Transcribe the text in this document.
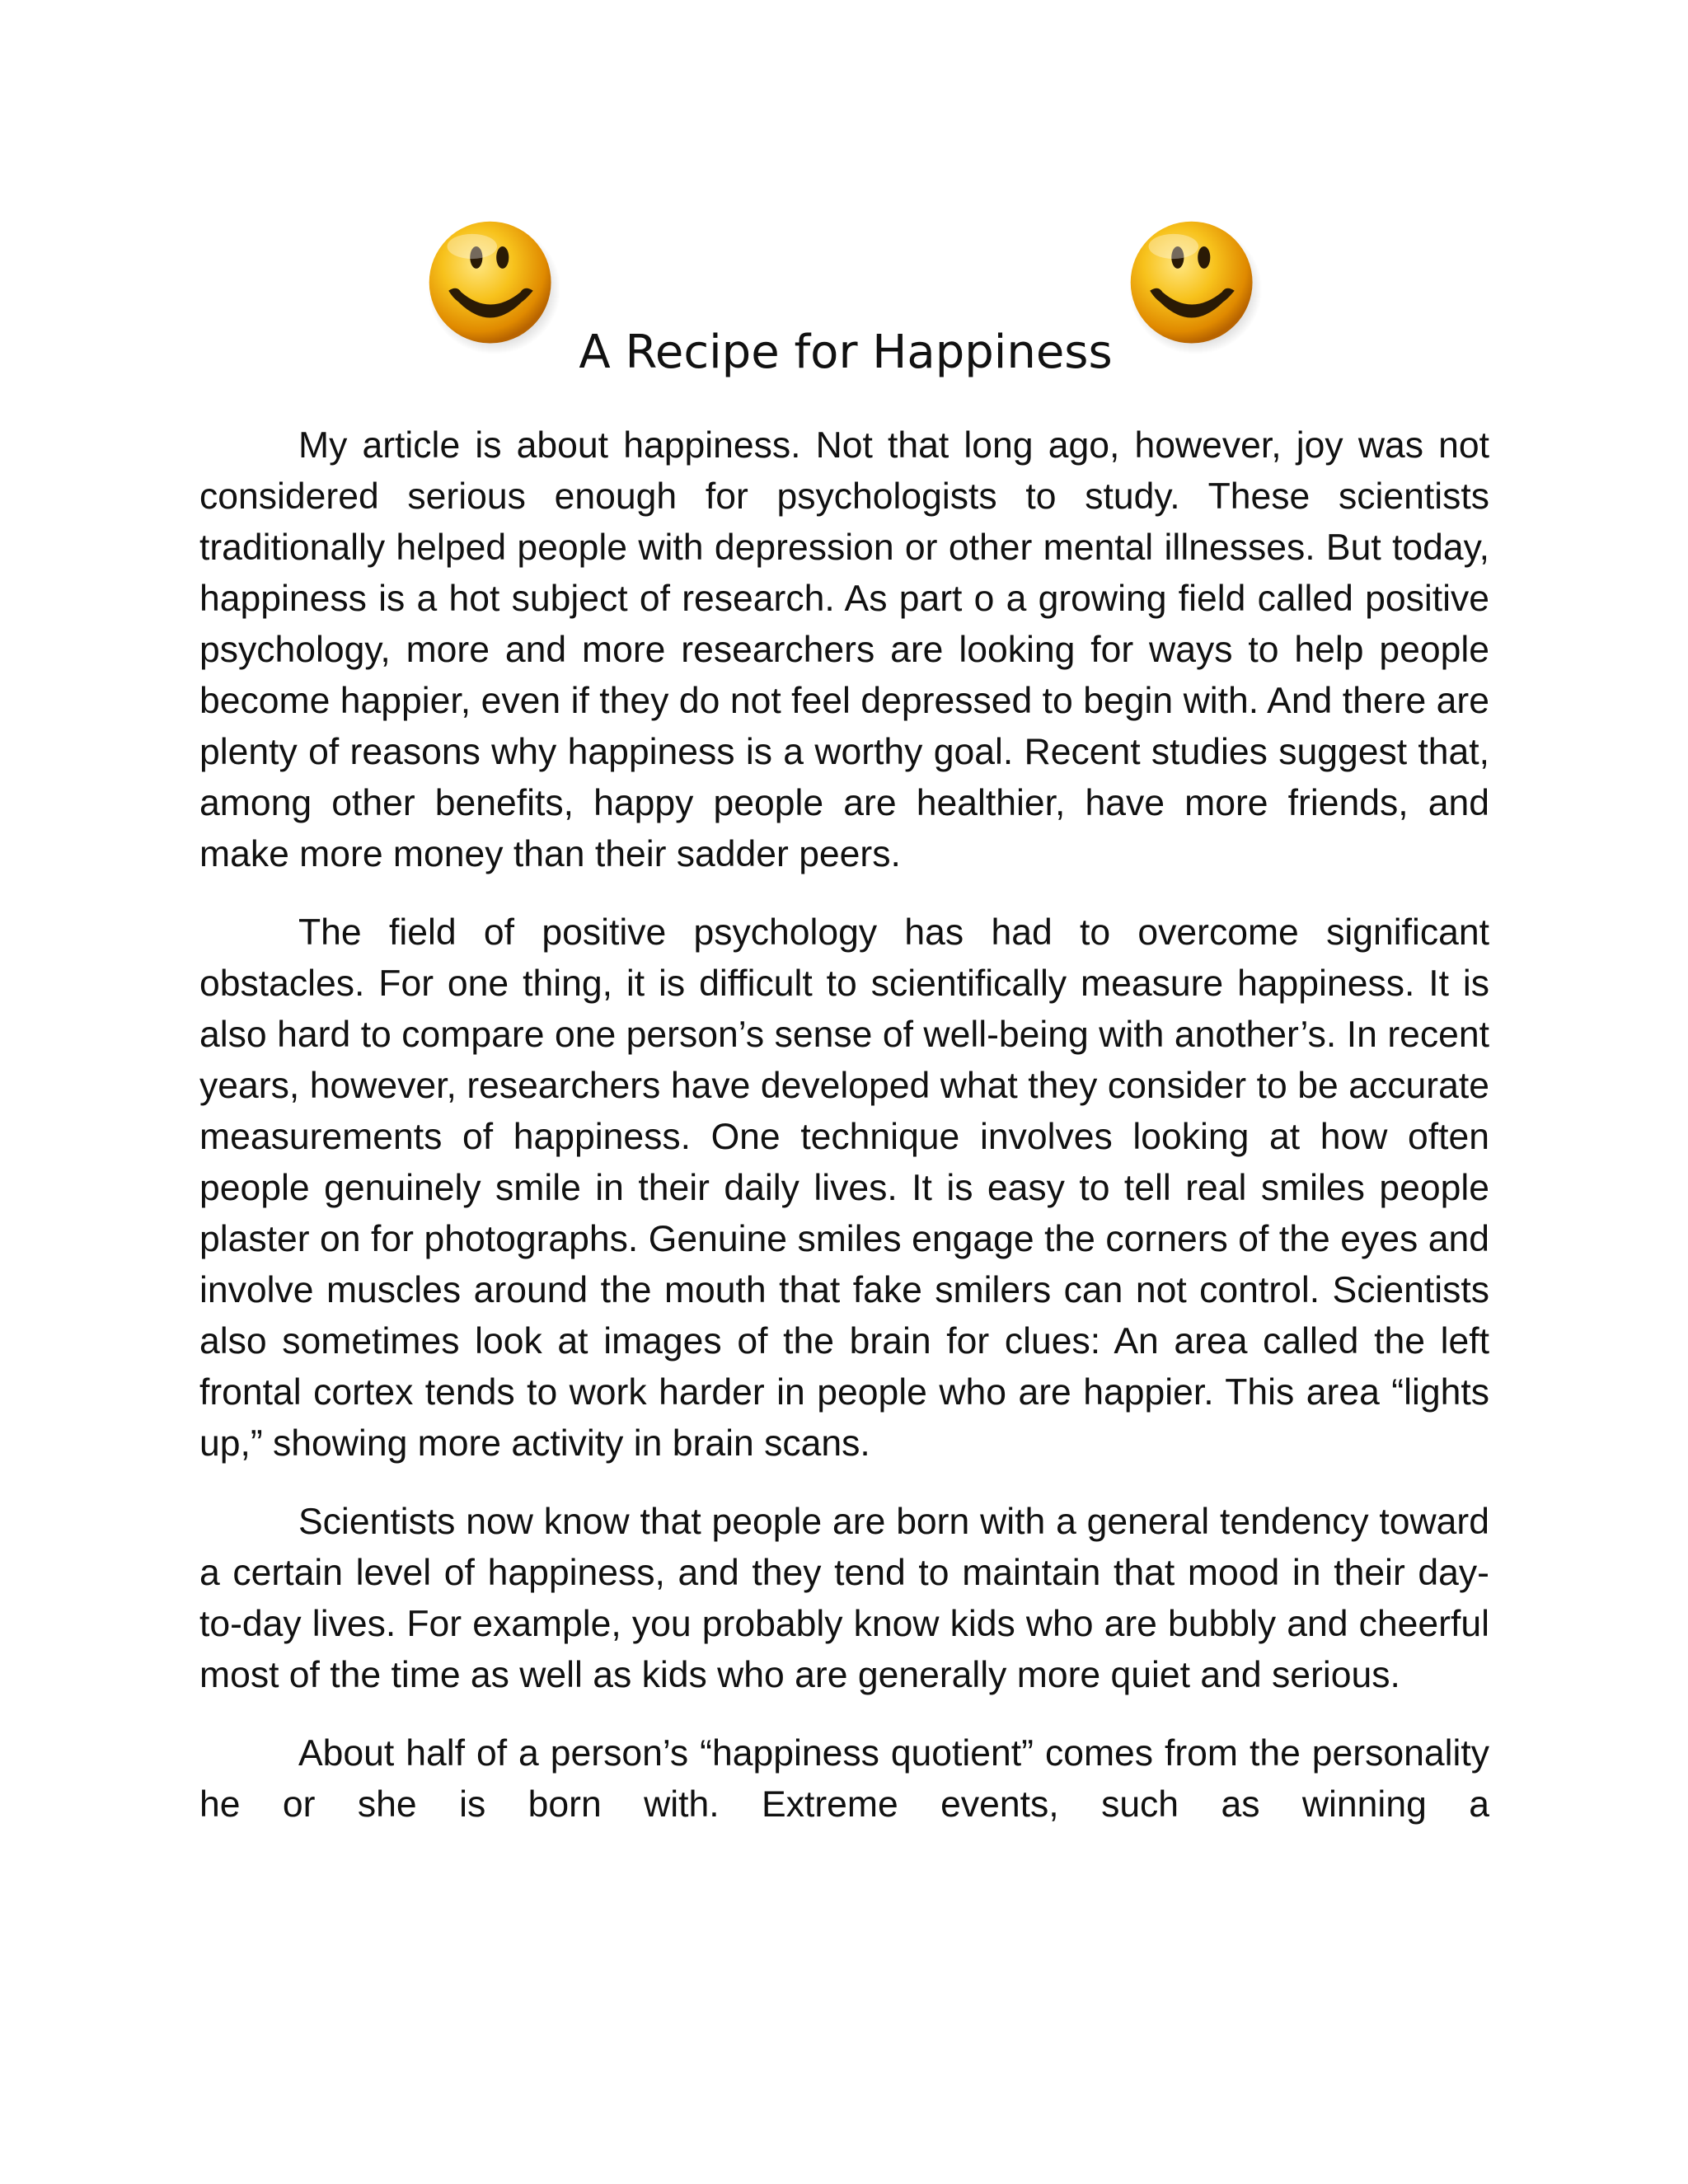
A Recipe for Happiness

My article is about happiness. Not that long ago, however, joy was not considered serious enough for psychologists to study. These scientists traditionally helped people with depression or other mental illnesses. But today, happiness is a hot subject of research. As part o a growing field called positive psychology, more and more researchers are looking for ways to help people become happier, even if they do not feel depressed to begin with. And there are plenty of reasons why happiness is a worthy goal. Recent studies suggest that, among other benefits, happy people are healthier, have more friends, and make more money than their sadder peers.

The field of positive psychology has had to overcome significant obstacles. For one thing, it is difficult to scientifically measure happiness. It is also hard to compare one person’s sense of well-being with another’s. In recent years, however, researchers have developed what they consider to be accurate measurements of happiness. One technique involves looking at how often people genuinely smile in their daily lives. It is easy to tell real smiles people plaster on for photographs. Genuine smiles engage the corners of the eyes and involve muscles around the mouth that fake smilers can not control. Scientists also sometimes look at images of the brain for clues: An area called the left frontal cortex tends to work harder in people who are happier. This area “lights up,” showing more activity in brain scans.

Scientists now know that people are born with a general tendency toward a certain level of happiness, and they tend to maintain that mood in their day-to-day lives. For example, you probably know kids who are bubbly and cheerful most of the time as well as kids who are generally more quiet and serious.

About half of a person’s “happiness quotient” comes from the personality he or she is born with. Extreme events, such as winning a
